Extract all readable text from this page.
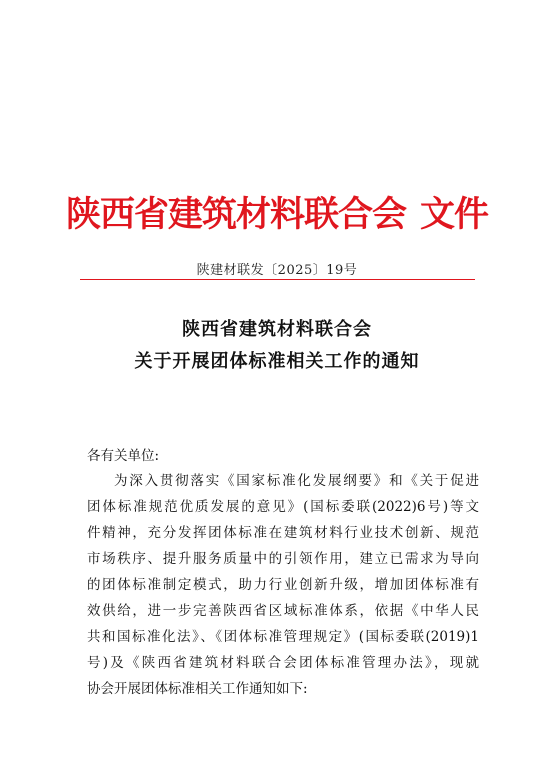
陕西省建筑材料联合会 文件
陕建材联发〔2025〕19号
陕西省建筑材料联合会
关于开展团体标准相关工作的通知
各有关单位:
为深入贯彻落实《国家标准化发展纲要》和《关于促进
团体标准规范优质发展的意见》(国标委联(2022)6号)等文
件精神，充分发挥团体标准在建筑材料行业技术创新、规范
市场秩序、提升服务质量中的引领作用，建立已需求为导向
的团体标准制定模式，助力行业创新升级，增加团体标准有
效供给，进一步完善陕西省区域标准体系，依据《中华人民
共和国标准化法》、《团体标准管理规定》(国标委联(2019)1
号)及《陕西省建筑材料联合会团体标准管理办法》，现就
协会开展团体标准相关工作通知如下:
